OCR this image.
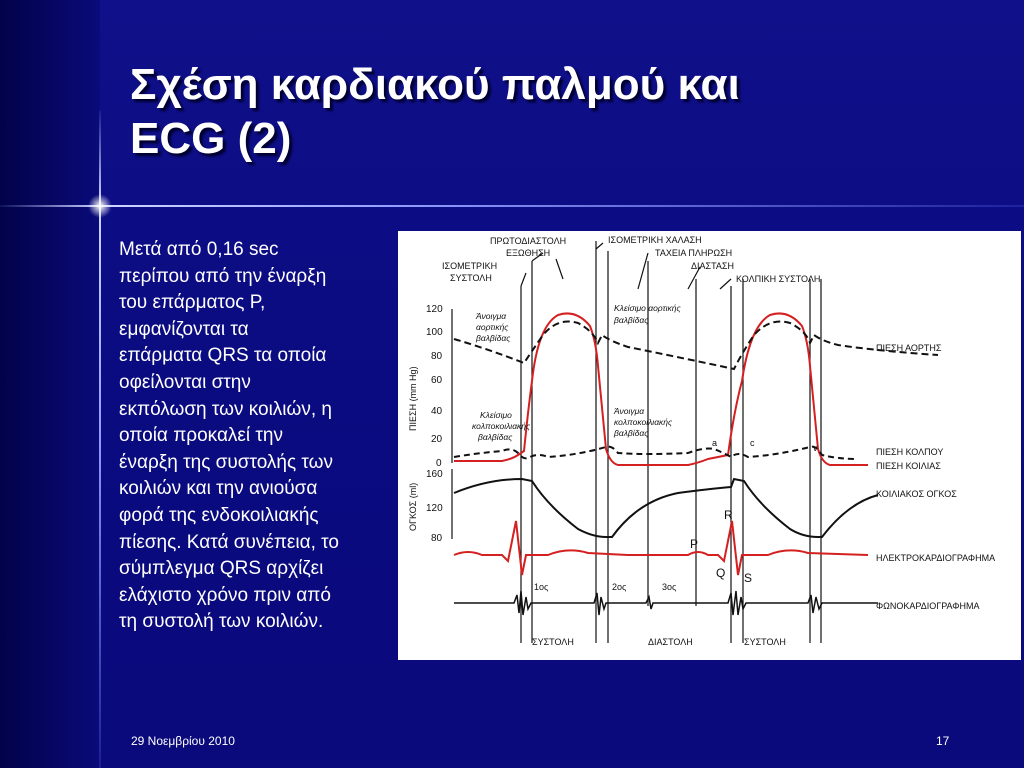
Σχέση καρδιακού παλμού και
ECG (2)
Μετά από 0,16 sec
περίπου από την έναρξη
του επάρματος P,
εμφανίζονται τα
επάρματα QRS τα οποία
οφείλονται στην
εκπόλωση των κοιλιών, η
οποία προκαλεί την
έναρξη της συστολής των
κοιλιών και την ανιούσα
φορά της ενδοκοιλιακής
πίεσης. Κατά συνέπεια, το
σύμπλεγμα QRS αρχίζει
ελάχιστο χρόνο πριν από
τη συστολή των κοιλιών.
ΠΙΕΣΗ (mm Hg)
120
100
80
60
40
20
0
ΟΓΚΟΣ (ml)
160
120
80
ΠΡΩΤΟΔΙΑΣΤΟΛΗ
ΕΞΩΘΗΣΗ
ΙΣΟΜΕΤΡΙΚΗ
ΣΥΣΤΟΛΗ
ΙΣΟΜΕΤΡΙΚΗ ΧΑΛΑΣΗ
ΤΑΧΕΙΑ ΠΛΗΡΩΣΗ
ΔΙΑΣΤΑΣΗ
ΚΟΛΠΙΚΗ ΣΥΣΤΟΛΗ
Άνοιγμα
αορτικής
βαλβίδας
Κλείσιμο αορτικής
βαλβίδας
Κλείσιμο
κολποκοιλιακής
βαλβίδας
Άνοιγμα
κολποκοιλιακής
βαλβίδας
ΠΙΕΣΗ ΑΟΡΤΗΣ
ΠΙΕΣΗ ΚΟΛΠΟΥ
ΠΙΕΣΗ ΚΟΙΛΙΑΣ
ΚΟΙΛΙΑΚΟΣ ΟΓΚΟΣ
ΗΛΕΚΤΡΟΚΑΡΔΙΟΓΡΑΦΗΜΑ
ΦΩΝΟΚΑΡΔΙΟΓΡΑΦΗΜΑ
a	c	v
R
P
Q S
1ος	2ος	3ος
ΣΥΣΤΟΛΗ	ΔΙΑΣΤΟΛΗ	ΣΥΣΤΟΛΗ
29 Νοεμβρίου 2010	17
